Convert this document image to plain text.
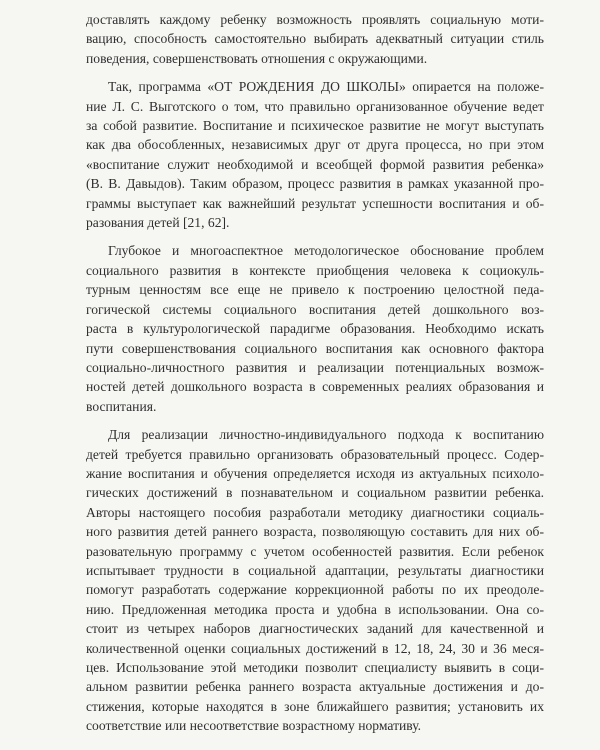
доставлять каждому ребенку возможность проявлять социальную моти-
вацию, способность самостоятельно выбирать адекватный ситуации стиль
поведения, совершенствовать отношения с окружающими.

Так, программа «ОТ РОЖДЕНИЯ ДО ШКОЛЫ» опирается на положе-
ние Л. С. Выготского о том, что правильно организованное обучение ведет
за собой развитие. Воспитание и психическое развитие не могут выступать
как два обособленных, независимых друг от друга процесса, но при этом
«воспитание служит необходимой и всеобщей формой развития ребенка»
(В. В. Давыдов). Таким образом, процесс развития в рамках указанной про-
граммы выступает как важнейший результат успешности воспитания и об-
разования детей [21, 62].

Глубокое и многоаспектное методологическое обоснование проблем
социального развития в контексте приобщения человека к социокуль-
турным ценностям все еще не привело к построению целостной педа-
гогической системы социального воспитания детей дошкольного воз-
раста в культурологической парадигме образования. Необходимо искать
пути совершенствования социального воспитания как основного фактора
социально-личностного развития и реализации потенциальных возмож-
ностей детей дошкольного возраста в современных реалиях образования и
воспитания.

Для реализации личностно-индивидуального подхода к воспитанию
детей требуется правильно организовать образовательный процесс. Содер-
жание воспитания и обучения определяется исходя из актуальных психоло-
гических достижений в познавательном и социальном развитии ребенка.
Авторы настоящего пособия разработали методику диагностики социаль-
ного развития детей раннего возраста, позволяющую составить для них об-
разовательную программу с учетом особенностей развития. Если ребенок
испытывает трудности в социальной адаптации, результаты диагностики
помогут разработать содержание коррекционной работы по их преодоле-
нию. Предложенная методика проста и удобна в использовании. Она со-
стоит из четырех наборов диагностических заданий для качественной и
количественной оценки социальных достижений в 12, 18, 24, 30 и 36 меся-
цев. Использование этой методики позволит специалисту выявить в соци-
альном развитии ребенка раннего возраста актуальные достижения и до-
стижения, которые находятся в зоне ближайшего развития; установить их
соответствие или несоответствие возрастному нормативу.
